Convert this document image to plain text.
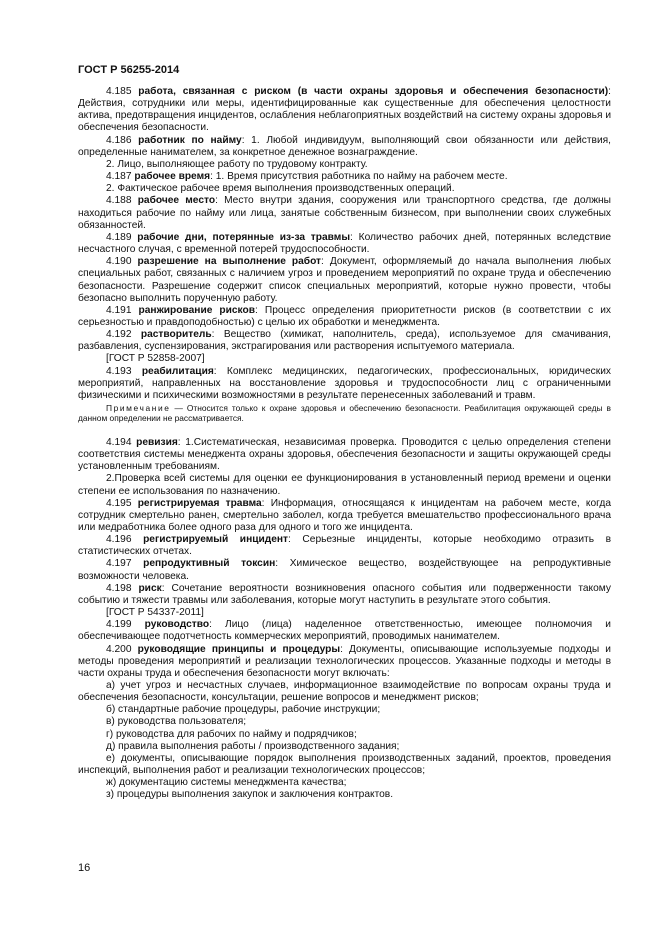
ГОСТ Р 56255-2014

4.185 работа, связанная с риском (в части охраны здоровья и обеспечения безопасности): Действия, сотрудники или меры, идентифицированные как существенные для обеспечения целостности актива, предотвращения инцидентов, ослабления неблагоприятных воздействий на систему охраны здоровья и обеспечения безопасности.

4.186 работник по найму: 1. Любой индивидуум, выполняющий свои обязанности или действия, определенные нанимателем, за конкретное денежное вознаграждение.

2. Лицо, выполняющее работу по трудовому контракту.

4.187 рабочее время: 1. Время присутствия работника по найму на рабочем месте.

2. Фактическое рабочее время выполнения производственных операций.

4.188 рабочее место: Место внутри здания, сооружения или транспортного средства, где должны находиться рабочие по найму или лица, занятые собственным бизнесом, при выполнении своих служебных обязанностей.

4.189 рабочие дни, потерянные из-за травмы: Количество рабочих дней, потерянных вследствие несчастного случая, с временной потерей трудоспособности.

4.190 разрешение на выполнение работ: Документ, оформляемый до начала выполнения любых специальных работ, связанных с наличием угроз и проведением мероприятий по охране труда и обеспечению безопасности. Разрешение содержит список специальных мероприятий, которые нужно провести, чтобы безопасно выполнить порученную работу.

4.191 ранжирование рисков: Процесс определения приоритетности рисков (в соответствии с их серьезностью и правдоподобностью) с целью их обработки и менеджмента.

4.192 растворитель: Вещество (химикат, наполнитель, среда), используемое для смачивания, разбавления, суспензирования, экстрагирования или растворения испытуемого материала.

[ГОСТ Р 52858-2007]

4.193 реабилитация: Комплекс медицинских, педагогических, профессиональных, юридических мероприятий, направленных на восстановление здоровья и трудоспособности лиц с ограниченными физическими и психическими возможностями в результате перенесенных заболеваний и травм.

Примечание — Относится только к охране здоровья и обеспечению безопасности. Реабилитация окружающей среды в данном определении не рассматривается.

4.194 ревизия: 1.Систематическая, независимая проверка. Проводится с целью определения степени соответствия системы менеджента охраны здоровья, обеспечения безопасности и защиты окружающей среды установленным требованиям.

2.Проверка всей системы для оценки ее функционирования в установленный период времени и оценки степени ее использования по назначению.

4.195 регистрируемая травма: Информация, относящаяся к инцидентам на рабочем месте, когда сотрудник смертельно ранен, смертельно заболел, когда требуется вмешательство профессионального врача или медработника более одного раза для одного и того же инцидента.

4.196 регистрируемый инцидент: Серьезные инциденты, которые необходимо отразить в статистических отчетах.

4.197 репродуктивный токсин: Химическое вещество, воздействующее на репродуктивные возможности человека.

4.198 риск: Сочетание вероятности возникновения опасного события или подверженности такому событию и тяжести травмы или заболевания, которые могут наступить в результате этого события.

[ГОСТ Р 54337-2011]

4.199 руководство: Лицо (лица) наделенное ответственностью, имеющее полномочия и обеспечивающее подотчетность коммерческих мероприятий, проводимых нанимателем.

4.200 руководящие принципы и процедуры: Документы, описывающие используемые подходы и методы проведения мероприятий и реализации технологических процессов. Указанные подходы и методы в части охраны труда и обеспечения безопасности могут включать:

а) учет угроз и несчастных случаев, информационное взаимодействие по вопросам охраны труда и обеспечения безопасности, консультации, решение вопросов и менеджмент рисков;

б) стандартные рабочие процедуры, рабочие инструкции;

в) руководства пользователя;

г) руководства для рабочих по найму и подрядчиков;

д) правила выполнения работы / производственного задания;

е) документы, описывающие порядок выполнения производственных заданий, проектов, проведения инспекций, выполнения работ и реализации технологических процессов;

ж) документацию системы менеджмента качества;

з) процедуры выполнения закупок и заключения контрактов.

16
